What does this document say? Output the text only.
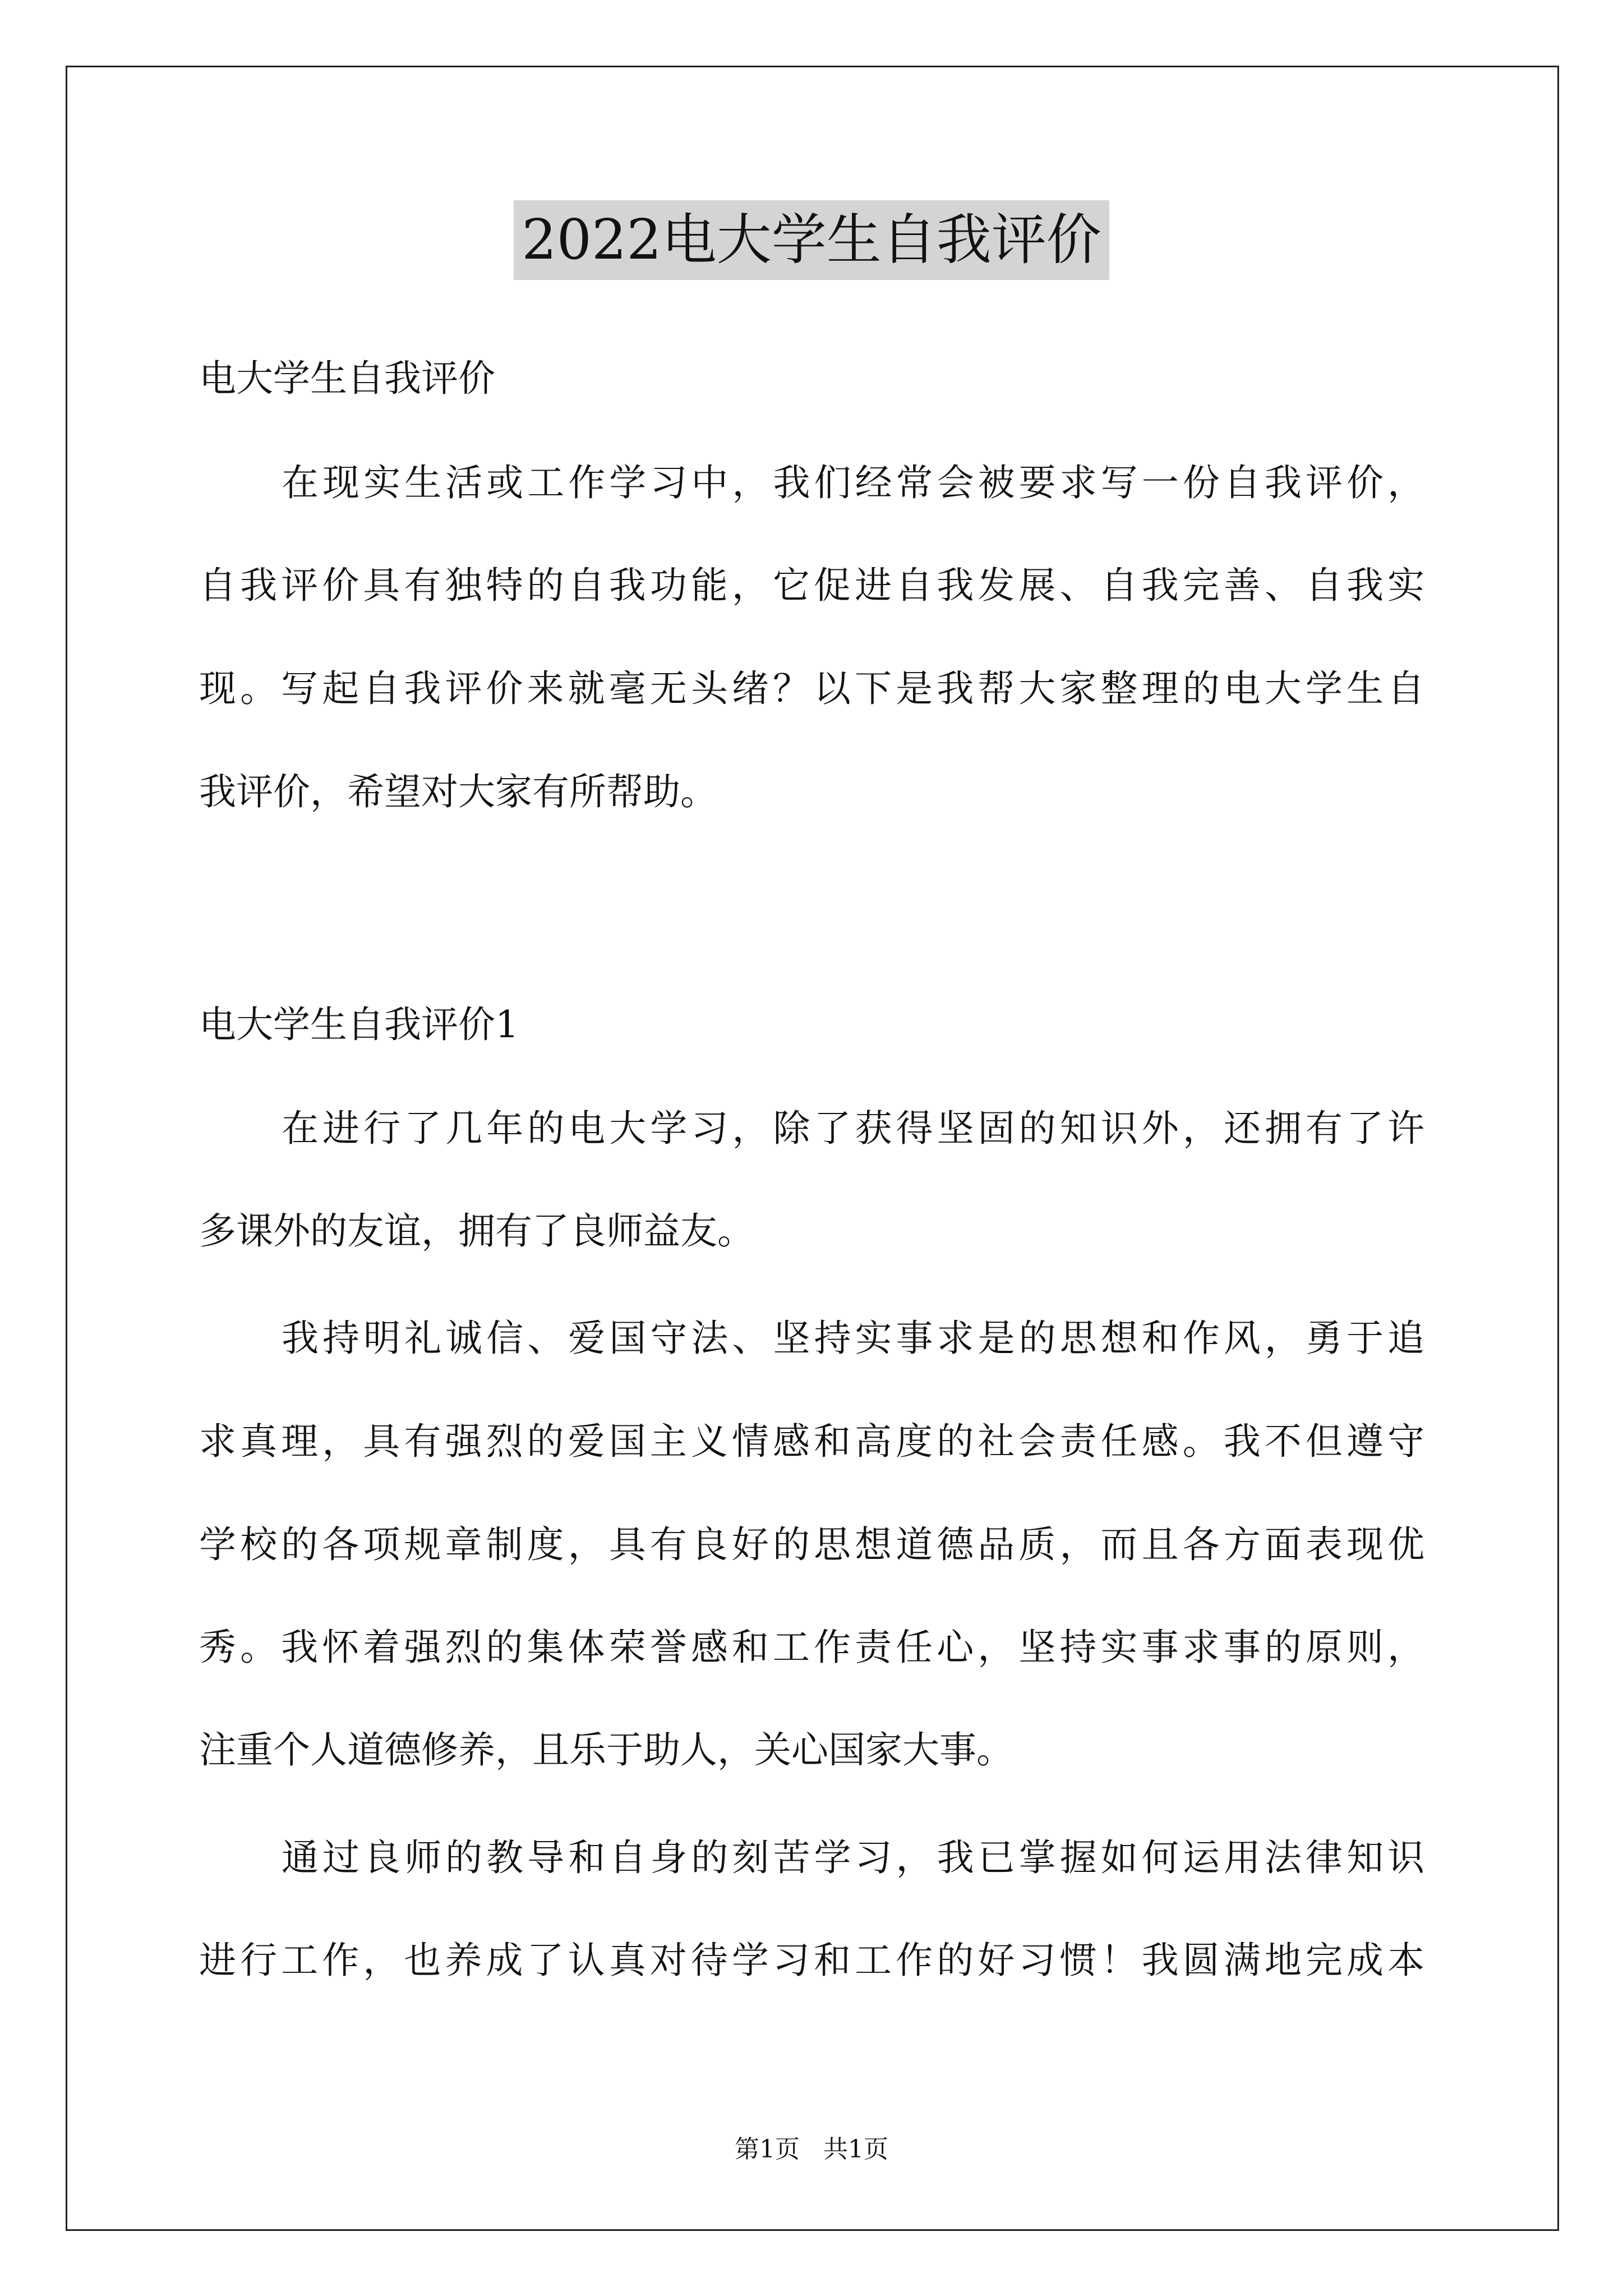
2022电大学生自我评价

电大学生自我评价

在现实生活或工作学习中，我们经常会被要求写一份自我评价，

自我评价具有独特的自我功能，它促进自我发展、自我完善、自我实

现。写起自我评价来就毫无头绪？以下是我帮大家整理的电大学生自

我评价，希望对大家有所帮助。

电大学生自我评价1

在进行了几年的电大学习，除了获得坚固的知识外，还拥有了许

多课外的友谊，拥有了良师益友。

我持明礼诚信、爱国守法、坚持实事求是的思想和作风，勇于追

求真理，具有强烈的爱国主义情感和高度的社会责任感。我不但遵守

学校的各项规章制度，具有良好的思想道德品质，而且各方面表现优

秀。我怀着强烈的集体荣誉感和工作责任心，坚持实事求事的原则，

注重个人道德修养，且乐于助人，关心国家大事。

通过良师的教导和自身的刻苦学习，我已掌握如何运用法律知识

进行工作，也养成了认真对待学习和工作的好习惯！我圆满地完成本

第1页   共1页
